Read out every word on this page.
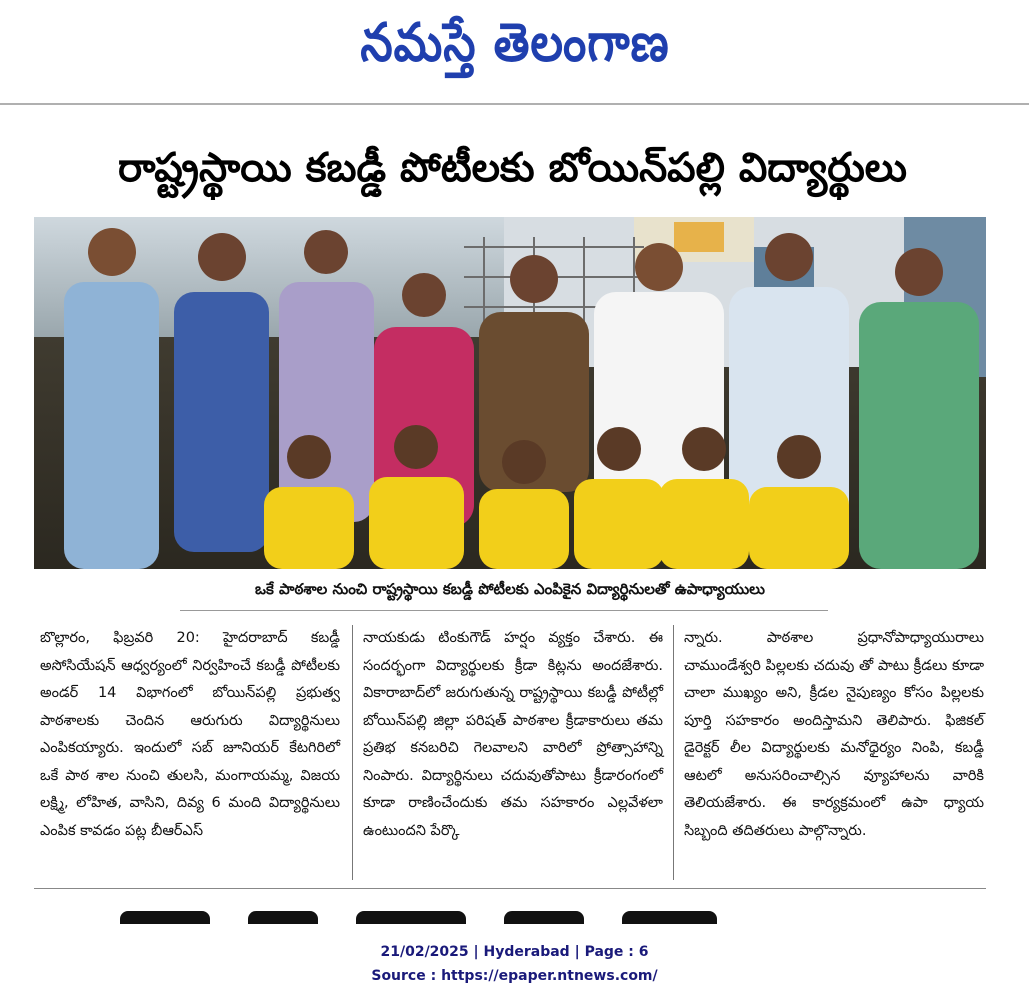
నమస్తే తెలంగాణ
రాష్ట్రస్థాయి కబడ్డీ పోటీలకు బోయిన్‌పల్లి విద్యార్థులు
ఒకే పాఠశాల నుంచి రాష్ట్రస్థాయి కబడ్డీ పోటీలకు ఎంపికైన విద్యార్థినులతో ఉపాధ్యాయులు

బొల్లారం, ఫిబ్రవరి 20: హైదరాబాద్ కబడ్డీ అసోసియేషన్ ఆధ్వర్యంలో నిర్వహించే కబడ్డీ పోటీలకు అండర్ 14 విభాగంలో బోయిన్‌పల్లి ప్రభుత్వ పాఠశాలకు చెందిన ఆరుగురు విద్యార్థినులు ఎంపికయ్యారు. ఇందులో సబ్ జూనియర్ కేటగిరిలో ఒకే పాఠ శాల నుంచి తులసి, మంగాయమ్మ, విజయ లక్ష్మి, లోహిత, వాసిని, దివ్య 6 మంది విద్యార్థినులు ఎంపిక కావడం పట్ల బీఆర్ఎస్

నాయకుడు టింకుగౌడ్ హర్షం వ్యక్తం చేశారు. ఈ సందర్భంగా విద్యార్థులకు క్రీడా కిట్లను అందజేశారు. వికారాబాద్‌లో జరుగుతున్న రాష్ట్రస్థాయి కబడ్డీ పోటీల్లో బోయిన్‌పల్లి జిల్లా పరిషత్ పాఠశాల క్రీడాకారులు తమ ప్రతిభ కనబరిచి గెలవాలని వారిలో ప్రోత్సాహాన్ని నింపారు. విద్యార్థినులు చదువుతోపాటు క్రీడారంగంలో కూడా రాణించేందుకు తమ సహకారం ఎల్లవేళలా ఉంటుందని పేర్కొ

న్నారు. పాఠశాల ప్రధానోపాధ్యాయురాలు చాముండేశ్వరి పిల్లలకు చదువు తో పాటు క్రీడలు కూడా చాలా ముఖ్యం అని, క్రీడల నైపుణ్యం కోసం పిల్లలకు పూర్తి సహకారం అందిస్తామని తెలిపారు. ఫిజికల్ డైరెక్టర్ లీల విద్యార్థులకు మనోధైర్యం నింపి, కబడ్డీ ఆటలో అనుసరించాల్సిన వ్యూహాలను వారికి తెలియజేశారు. ఈ కార్యక్రమంలో ఉపా ధ్యాయ సిబ్బంది తదితరులు పాల్గొన్నారు.

21/02/2025 | Hyderabad | Page : 6
Source : https://epaper.ntnews.com/
